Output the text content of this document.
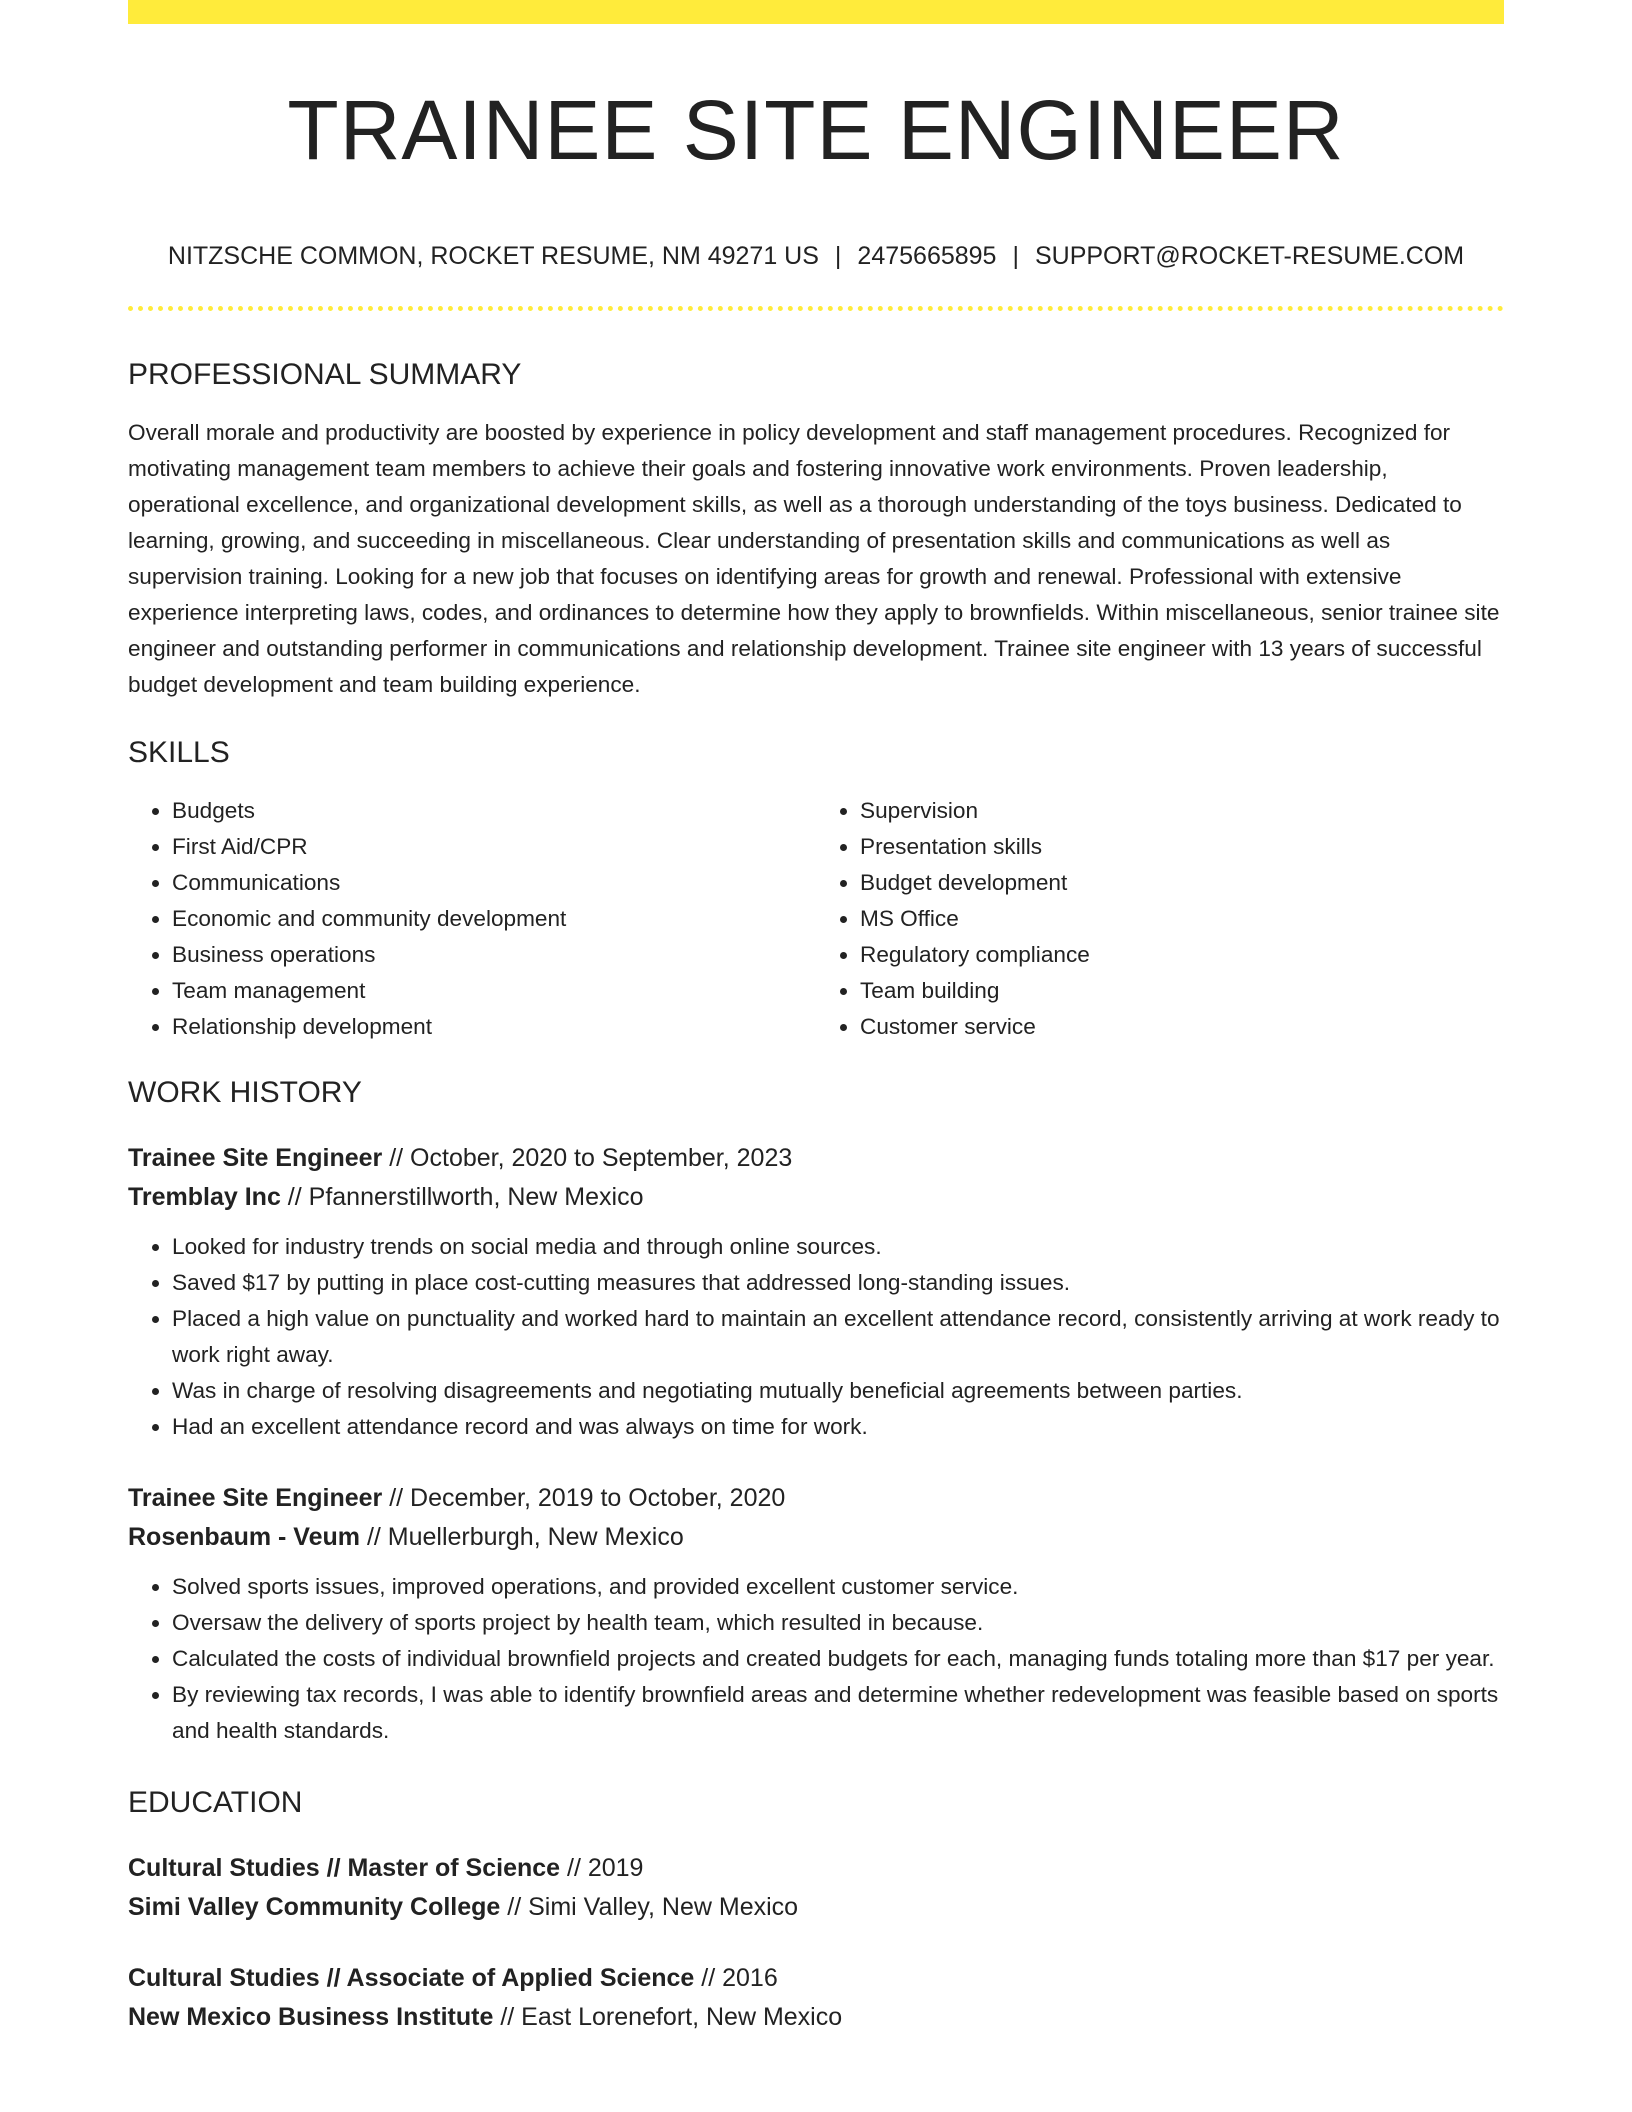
TRAINEE SITE ENGINEER
NITZSCHE COMMON, ROCKET RESUME, NM 49271 US | 2475665895 | SUPPORT@ROCKET-RESUME.COM
PROFESSIONAL SUMMARY
Overall morale and productivity are boosted by experience in policy development and staff management procedures. Recognized for motivating management team members to achieve their goals and fostering innovative work environments. Proven leadership, operational excellence, and organizational development skills, as well as a thorough understanding of the toys business. Dedicated to learning, growing, and succeeding in miscellaneous. Clear understanding of presentation skills and communications as well as supervision training. Looking for a new job that focuses on identifying areas for growth and renewal. Professional with extensive experience interpreting laws, codes, and ordinances to determine how they apply to brownfields. Within miscellaneous, senior trainee site engineer and outstanding performer in communications and relationship development. Trainee site engineer with 13 years of successful budget development and team building experience.
SKILLS
• Budgets
• First Aid/CPR
• Communications
• Economic and community development
• Business operations
• Team management
• Relationship development
• Supervision
• Presentation skills
• Budget development
• MS Office
• Regulatory compliance
• Team building
• Customer service
WORK HISTORY
Trainee Site Engineer // October, 2020 to September, 2023
Tremblay Inc // Pfannerstillworth, New Mexico
• Looked for industry trends on social media and through online sources.
• Saved $17 by putting in place cost-cutting measures that addressed long-standing issues.
• Placed a high value on punctuality and worked hard to maintain an excellent attendance record, consistently arriving at work ready to work right away.
• Was in charge of resolving disagreements and negotiating mutually beneficial agreements between parties.
• Had an excellent attendance record and was always on time for work.
Trainee Site Engineer // December, 2019 to October, 2020
Rosenbaum - Veum // Muellerburgh, New Mexico
• Solved sports issues, improved operations, and provided excellent customer service.
• Oversaw the delivery of sports project by health team, which resulted in because.
• Calculated the costs of individual brownfield projects and created budgets for each, managing funds totaling more than $17 per year.
• By reviewing tax records, I was able to identify brownfield areas and determine whether redevelopment was feasible based on sports and health standards.
EDUCATION
Cultural Studies // Master of Science // 2019
Simi Valley Community College // Simi Valley, New Mexico
Cultural Studies // Associate of Applied Science // 2016
New Mexico Business Institute // East Lorenefort, New Mexico
